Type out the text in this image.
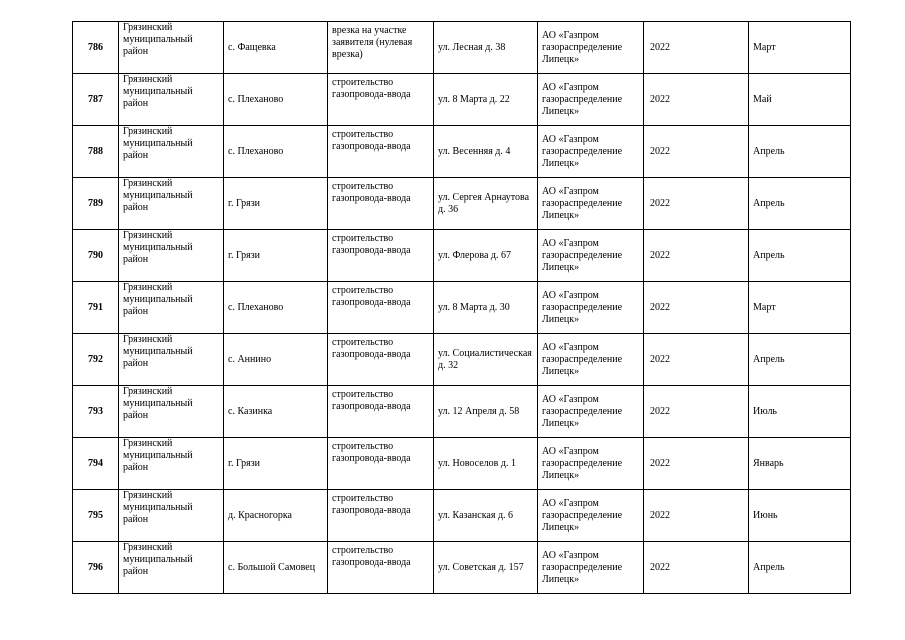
786	Грязинский муниципальный район	с. Фащевка	врезка на участке заявителя (нулевая врезка)	ул. Лесная д. 38	АО «Газпром газораспределение Липецк»	2022	Март
787	Грязинский муниципальный район	с. Плеханово	строительство газопровода-ввода	ул. 8 Марта д. 22	АО «Газпром газораспределение Липецк»	2022	Май
788	Грязинский муниципальный район	с. Плеханово	строительство газопровода-ввода	ул. Весенняя д. 4	АО «Газпром газораспределение Липецк»	2022	Апрель
789	Грязинский муниципальный район	г. Грязи	строительство газопровода-ввода	ул. Сергея Арнаутова д. 36	АО «Газпром газораспределение Липецк»	2022	Апрель
790	Грязинский муниципальный район	г. Грязи	строительство газопровода-ввода	ул. Флерова д. 67	АО «Газпром газораспределение Липецк»	2022	Апрель
791	Грязинский муниципальный район	с. Плеханово	строительство газопровода-ввода	ул. 8 Марта д. 30	АО «Газпром газораспределение Липецк»	2022	Март
792	Грязинский муниципальный район	с. Аннино	строительство газопровода-ввода	ул. Социалистическая д. 32	АО «Газпром газораспределение Липецк»	2022	Апрель
793	Грязинский муниципальный район	с. Казинка	строительство газопровода-ввода	ул. 12 Апреля д. 58	АО «Газпром газораспределение Липецк»	2022	Июль
794	Грязинский муниципальный район	г. Грязи	строительство газопровода-ввода	ул. Новоселов д. 1	АО «Газпром газораспределение Липецк»	2022	Январь
795	Грязинский муниципальный район	д. Красногорка	строительство газопровода-ввода	ул. Казанская д. 6	АО «Газпром газораспределение Липецк»	2022	Июнь
796	Грязинский муниципальный район	с. Большой Самовец	строительство газопровода-ввода	ул. Советская д. 157	АО «Газпром газораспределение Липецк»	2022	Апрель
